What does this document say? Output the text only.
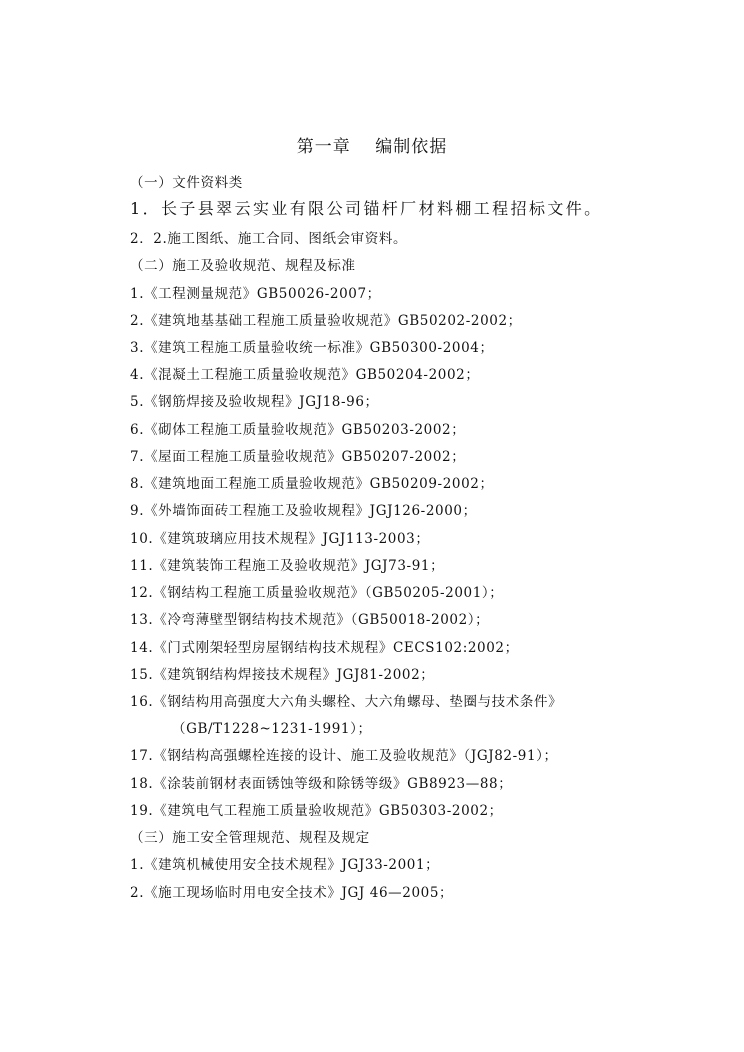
第一章　 编制依据
（一）文件资料类
1．长子县翠云实业有限公司锚杆厂材料棚工程招标文件。
2．2.施工图纸、施工合同、图纸会审资料。
（二）施工及验收规范、规程及标准
1.《工程测量规范》GB50026-2007；
2.《建筑地基基础工程施工质量验收规范》GB50202-2002；
3.《建筑工程施工质量验收统一标准》GB50300-2004；
4.《混凝土工程施工质量验收规范》GB50204-2002；
5.《钢筋焊接及验收规程》JGJ18-96；
6.《砌体工程施工质量验收规范》GB50203-2002；
7.《屋面工程施工质量验收规范》GB50207-2002；
8.《建筑地面工程施工质量验收规范》GB50209-2002；
9.《外墙饰面砖工程施工及验收规程》JGJ126-2000；
10.《建筑玻璃应用技术规程》JGJ113-2003；
11.《建筑装饰工程施工及验收规范》JGJ73-91；
12.《钢结构工程施工质量验收规范》（GB50205-2001）；
13.《冷弯薄壁型钢结构技术规范》（GB50018-2002）；
14.《门式刚架轻型房屋钢结构技术规程》CECS102:2002；
15.《建筑钢结构焊接技术规程》JGJ81-2002；
16.《钢结构用高强度大六角头螺栓、大六角螺母、垫圈与技术条件》
（GB/T1228~1231-1991）；
17.《钢结构高强螺栓连接的设计、施工及验收规范》（JGJ82-91）；
18.《涂装前钢材表面锈蚀等级和除锈等级》GB8923—88；
19.《建筑电气工程施工质量验收规范》GB50303-2002；
（三）施工安全管理规范、规程及规定
1.《建筑机械使用安全技术规程》JGJ33-2001；
2.《施工现场临时用电安全技术》JGJ 46—2005；
